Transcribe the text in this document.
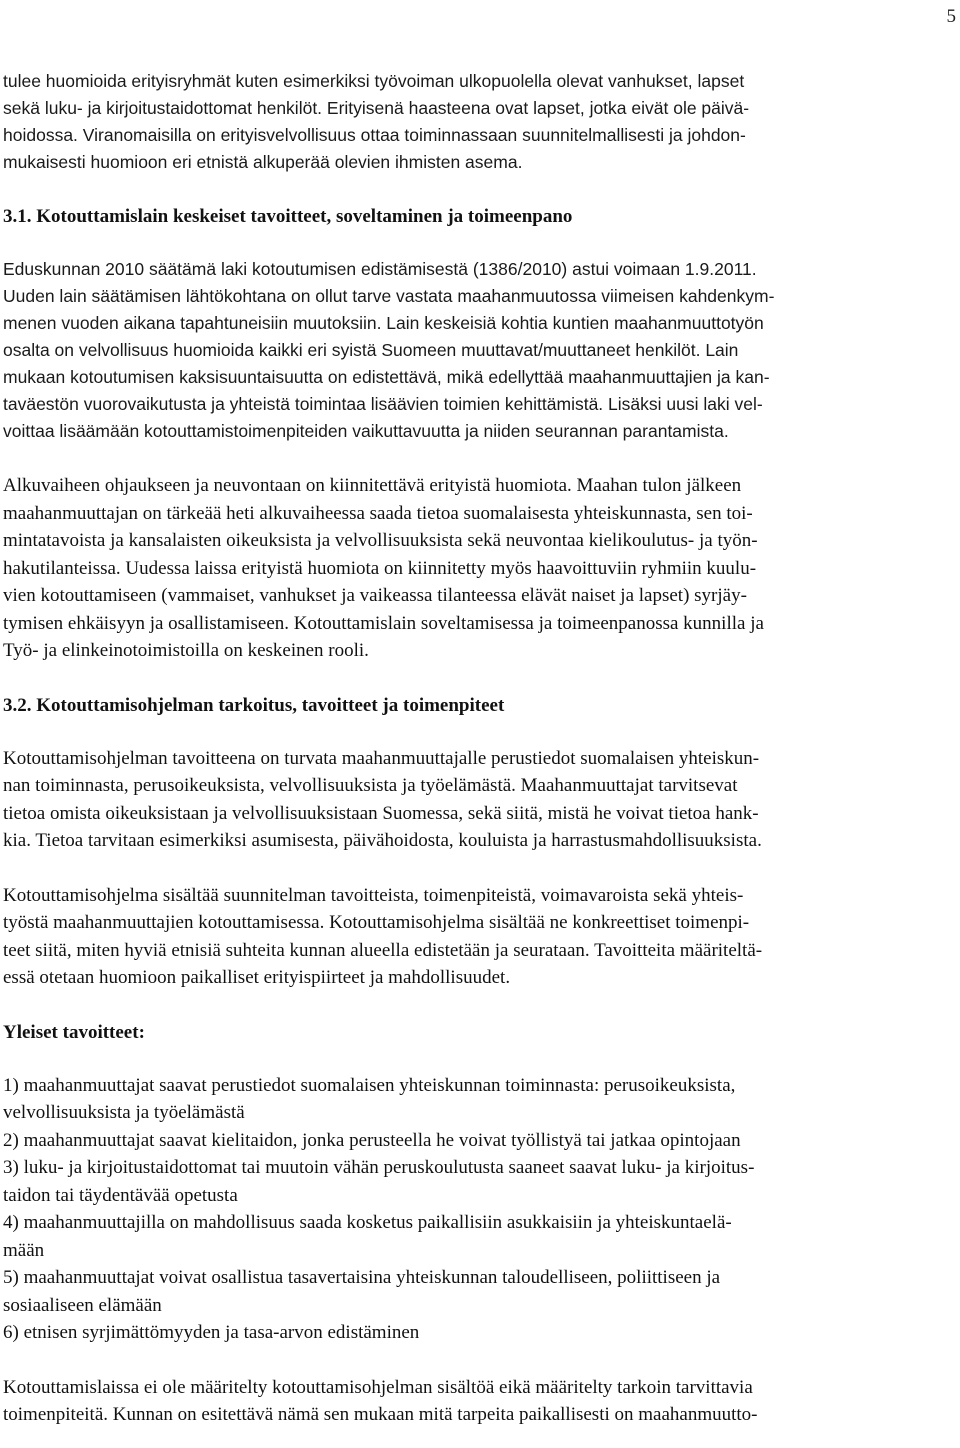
5
tulee huomioida erityisryhmät kuten esimerkiksi työvoiman ulkopuolella olevat vanhukset, lapset
sekä luku- ja kirjoitustaidottomat henkilöt. Erityisenä haasteena ovat lapset, jotka eivät ole päivä-
hoidossa. Viranomaisilla on erityisvelvollisuus ottaa toiminnassaan suunnitelmallisesti ja johdon-
mukaisesti huomioon eri etnistä alkuperää olevien ihmisten asema.
3.1. Kotouttamislain keskeiset tavoitteet, soveltaminen ja toimeenpano
Eduskunnan 2010 säätämä laki kotoutumisen edistämisestä (1386/2010) astui voimaan 1.9.2011.
Uuden lain säätämisen lähtökohtana on ollut tarve vastata maahanmuutossa viimeisen kahdenkym-
menen vuoden aikana tapahtuneisiin muutoksiin. Lain keskeisiä kohtia kuntien maahanmuuttotyön
osalta on velvollisuus huomioida kaikki eri syistä Suomeen muuttavat/muuttaneet henkilöt. Lain
mukaan kotoutumisen kaksisuuntaisuutta on edistettävä, mikä edellyttää maahanmuuttajien ja kan-
taväestön vuorovaikutusta ja yhteistä toimintaa lisäävien toimien kehittämistä. Lisäksi uusi laki vel-
voittaa lisäämään kotouttamistoimenpiteiden vaikuttavuutta ja niiden seurannan parantamista.
Alkuvaiheen ohjaukseen ja neuvontaan on kiinnitettävä erityistä huomiota. Maahan tulon jälkeen
maahanmuuttajan on tärkeää heti alkuvaiheessa saada tietoa suomalaisesta yhteiskunnasta, sen toi-
mintatavoista ja kansalaisten oikeuksista ja velvollisuuksista sekä neuvontaa kielikoulutus- ja työn-
hakutilanteissa. Uudessa laissa erityistä huomiota on kiinnitetty myös haavoittuviin ryhmiin kuulu-
vien kotouttamiseen (vammaiset, vanhukset ja vaikeassa tilanteessa elävät naiset ja lapset) syrjäy-
tymisen ehkäisyyn ja osallistamiseen. Kotouttamislain soveltamisessa ja toimeenpanossa kunnilla ja
Työ- ja elinkeinotoimistoilla on keskeinen rooli.
3.2. Kotouttamisohjelman tarkoitus, tavoitteet ja toimenpiteet
Kotouttamisohjelman tavoitteena on turvata maahanmuuttajalle perustiedot suomalaisen yhteiskun-
nan toiminnasta, perusoikeuksista, velvollisuuksista ja työelämästä. Maahanmuuttajat tarvitsevat
tietoa omista oikeuksistaan ja velvollisuuksistaan Suomessa, sekä siitä, mistä he voivat tietoa hank-
kia. Tietoa tarvitaan esimerkiksi asumisesta, päivähoidosta, kouluista ja harrastusmahdollisuuksista.
Kotouttamisohjelma sisältää suunnitelman tavoitteista, toimenpiteistä, voimavaroista sekä yhteis-
työstä maahanmuuttajien kotouttamisessa. Kotouttamisohjelma sisältää ne konkreettiset toimenpi-
teet siitä, miten hyviä etnisiä suhteita kunnan alueella edistetään ja seurataan. Tavoitteita määriteltä-
essä otetaan huomioon paikalliset erityispiirteet ja mahdollisuudet.
Yleiset tavoitteet:
1) maahanmuuttajat saavat perustiedot suomalaisen yhteiskunnan toiminnasta: perusoikeuksista,
velvollisuuksista ja työelämästä
2) maahanmuuttajat saavat kielitaidon, jonka perusteella he voivat työllistyä tai jatkaa opintojaan
3) luku- ja kirjoitustaidottomat tai muutoin vähän peruskoulutusta saaneet saavat luku- ja kirjoitus-
taidon tai täydentävää opetusta
4) maahanmuuttajilla on mahdollisuus saada kosketus paikallisiin asukkaisiin ja yhteiskuntaelä-
mään
5) maahanmuuttajat voivat osallistua tasavertaisina yhteiskunnan taloudelliseen, poliittiseen ja
sosiaaliseen elämään
6) etnisen syrjimättömyyden ja tasa-arvon edistäminen
Kotouttamislaissa ei ole määritelty kotouttamisohjelman sisältöä eikä määritelty tarkoin tarvittavia
toimenpiteitä. Kunnan on esitettävä nämä sen mukaan mitä tarpeita paikallisesti on maahanmuutto-
